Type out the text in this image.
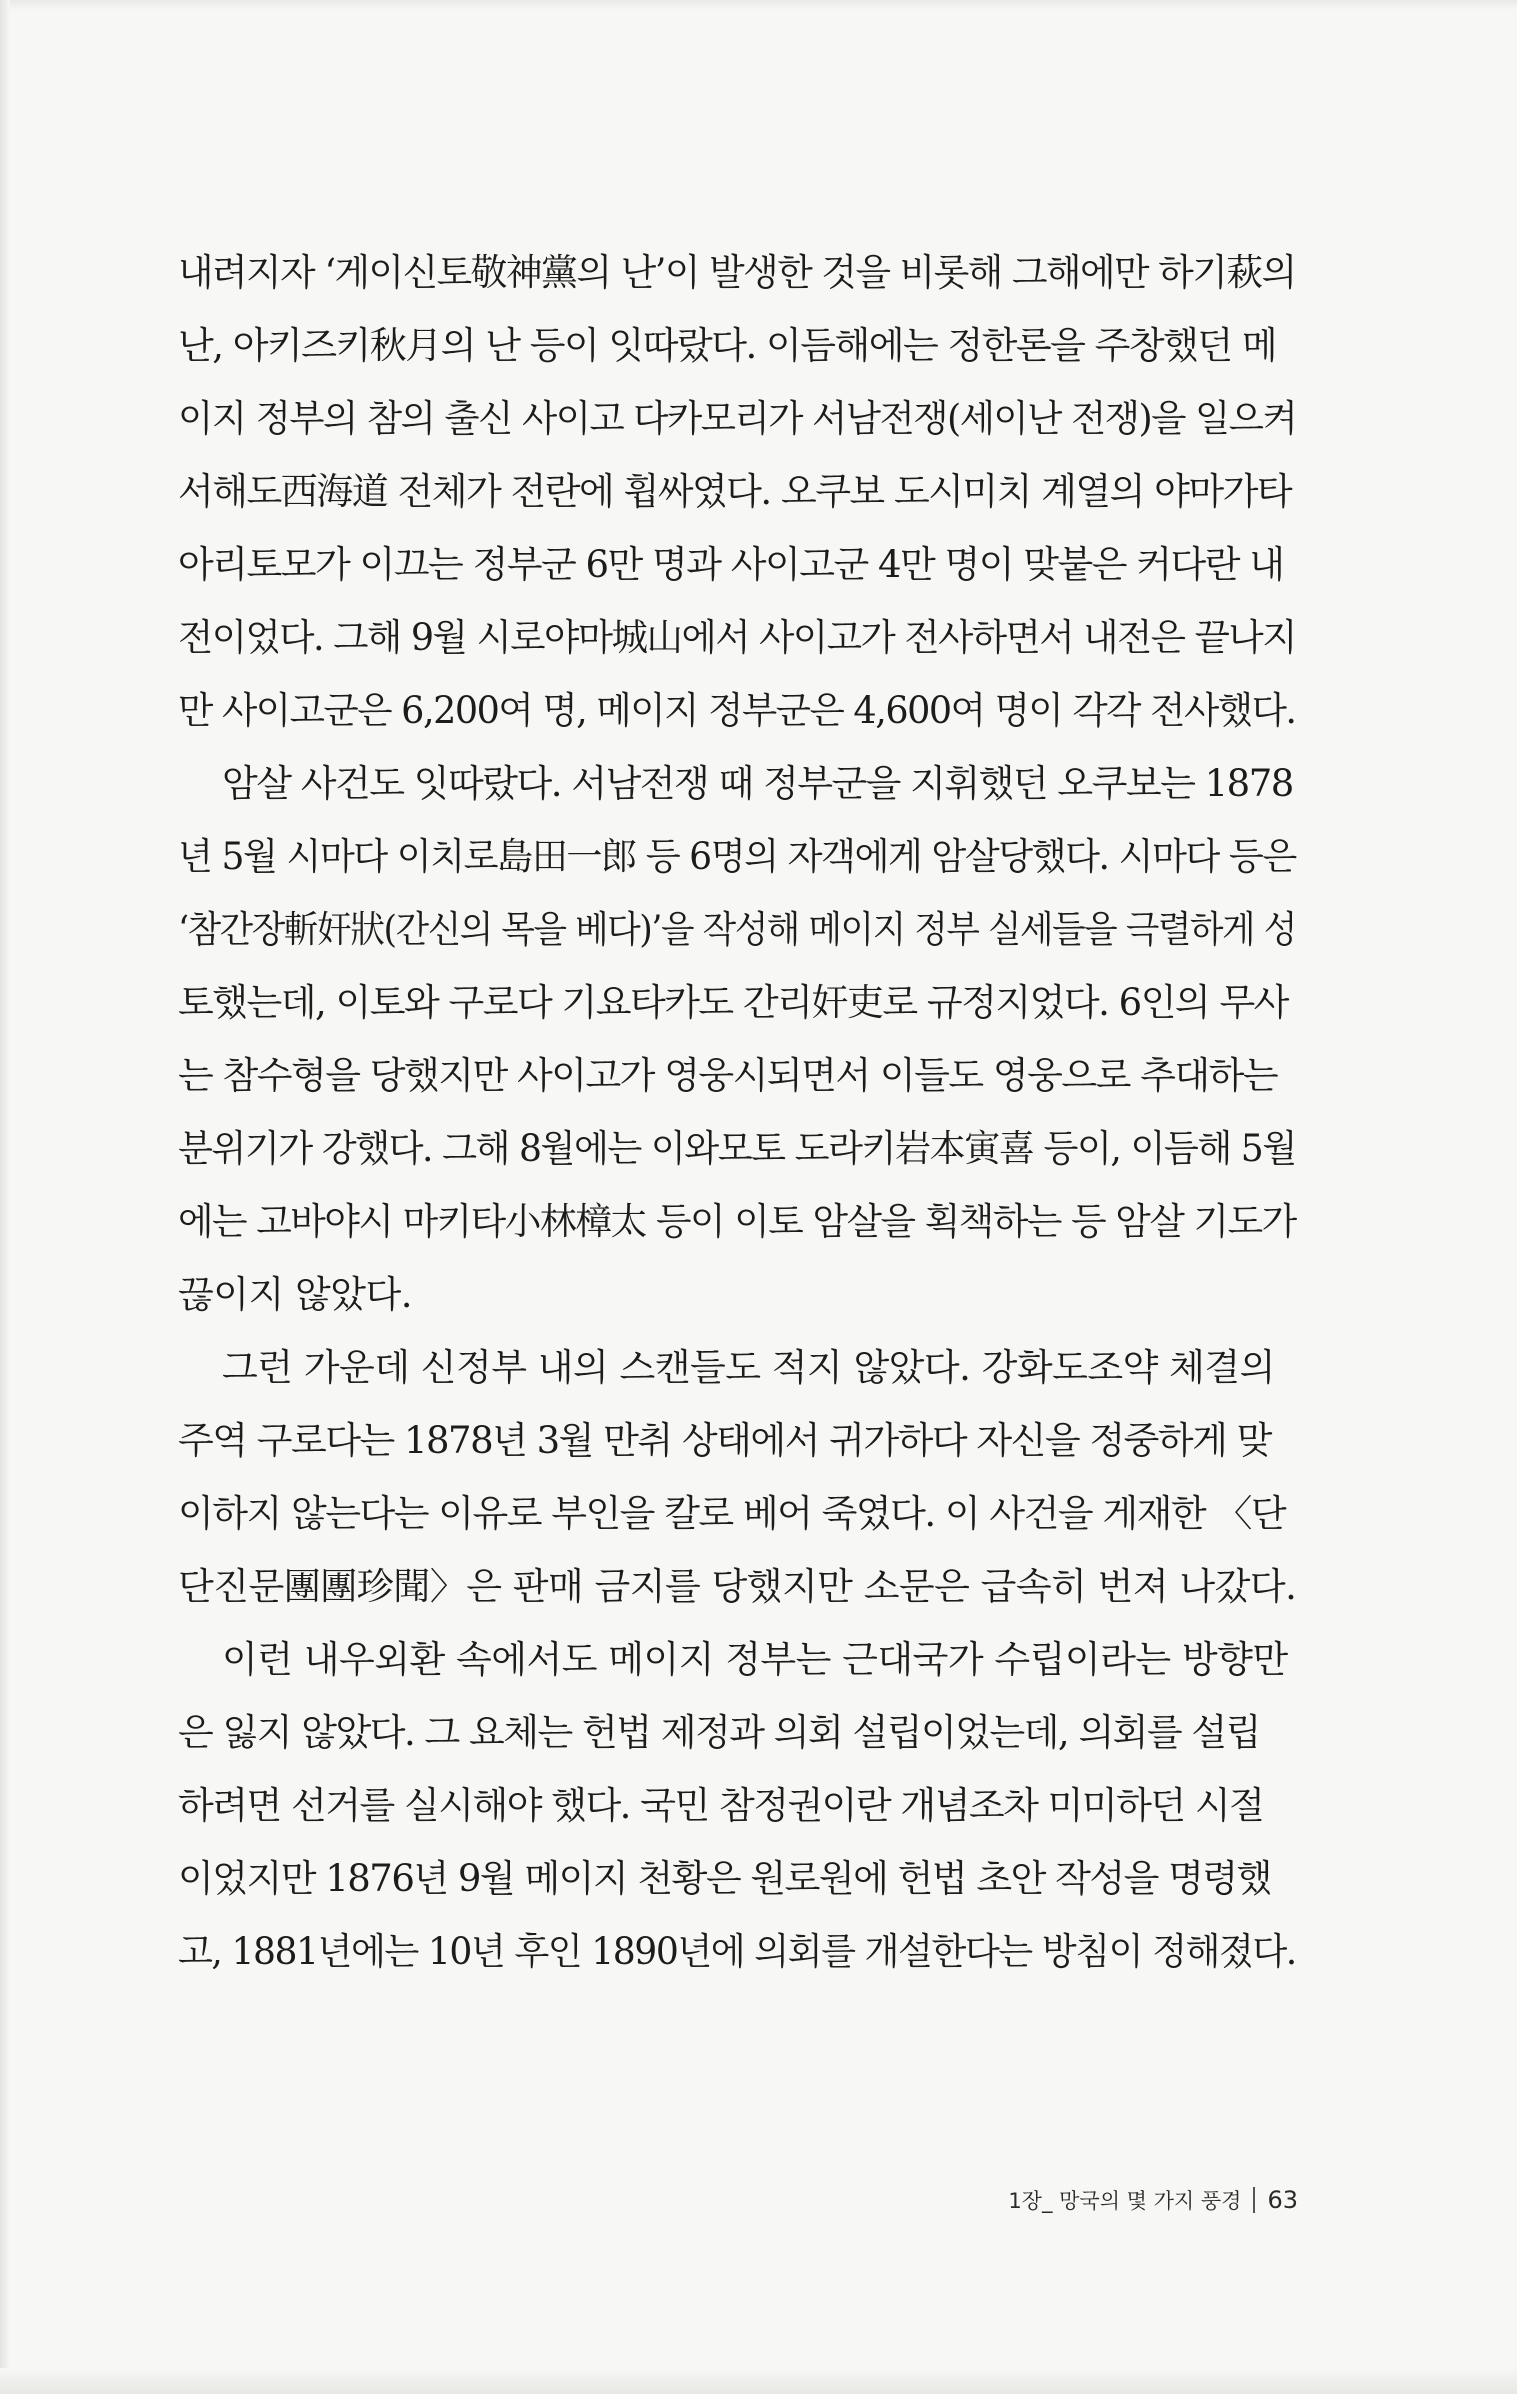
내려지자 ‘게이신토敬神黨의 난’이 발생한 것을 비롯해 그해에만 하기萩의
난, 아키즈키秋月의 난 등이 잇따랐다. 이듬해에는 정한론을 주창했던 메
이지 정부의 참의 출신 사이고 다카모리가 서남전쟁(세이난 전쟁)을 일으켜
서해도西海道 전체가 전란에 휩싸였다. 오쿠보 도시미치 계열의 야마가타
아리토모가 이끄는 정부군 6만 명과 사이고군 4만 명이 맞붙은 커다란 내
전이었다. 그해 9월 시로야마城山에서 사이고가 전사하면서 내전은 끝나지
만 사이고군은 6,200여 명, 메이지 정부군은 4,600여 명이 각각 전사했다.

암살 사건도 잇따랐다. 서남전쟁 때 정부군을 지휘했던 오쿠보는 1878
년 5월 시마다 이치로島田一郎 등 6명의 자객에게 암살당했다. 시마다 등은
‘참간장斬奸狀(간신의 목을 베다)’을 작성해 메이지 정부 실세들을 극렬하게 성
토했는데, 이토와 구로다 기요타카도 간리奸吏로 규정지었다. 6인의 무사
는 참수형을 당했지만 사이고가 영웅시되면서 이들도 영웅으로 추대하는
분위기가 강했다. 그해 8월에는 이와모토 도라키岩本寅喜 등이, 이듬해 5월
에는 고바야시 마키타小林樟太 등이 이토 암살을 획책하는 등 암살 기도가
끊이지 않았다.

그런 가운데 신정부 내의 스캔들도 적지 않았다. 강화도조약 체결의
주역 구로다는 1878년 3월 만취 상태에서 귀가하다 자신을 정중하게 맞
이하지 않는다는 이유로 부인을 칼로 베어 죽였다. 이 사건을 게재한 〈단
단진문團團珍聞〉은 판매 금지를 당했지만 소문은 급속히 번져 나갔다.

이런 내우외환 속에서도 메이지 정부는 근대국가 수립이라는 방향만
은 잃지 않았다. 그 요체는 헌법 제정과 의회 설립이었는데, 의회를 설립
하려면 선거를 실시해야 했다. 국민 참정권이란 개념조차 미미하던 시절
이었지만 1876년 9월 메이지 천황은 원로원에 헌법 초안 작성을 명령했
고, 1881년에는 10년 후인 1890년에 의회를 개설한다는 방침이 정해졌다.

1장_ 망국의 몇 가지 풍경 63
